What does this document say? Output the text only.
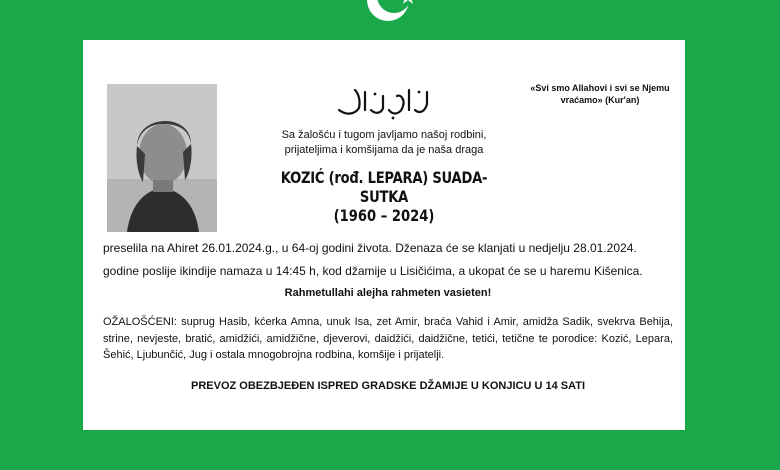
«Svi smo Allahovi i svi se Njemu vraćamo» (Kur'an)
Sa žalošću i tugom javljamo našoj rodbini,
prijateljima i komšijama da je naša draga
KOZIĆ (rođ. LEPARA) SUADA-SUTKA
(1960 – 2024)
preselila na Ahiret 26.01.2024.g., u 64-oj godini života. Dženaza će se klanjati u nedjelju 28.01.2024.
godine poslije ikindije namaza u 14:45 h, kod džamije u Lisičićima, a ukopat će se u haremu Kišenica.
Rahmetullahi alejha rahmeten vasieten!
OŽALOŠĆENI: suprug Hasib, kćerka Amna, unuk Isa, zet Amir, braća Vahid i Amir, amidža Sadik, svekrva Behija, strine, nevjeste, bratić, amidžići, amidžične, djeverovi, daidžići, daidžične, tetići, tetične te porodice: Kozić, Lepara, Šehić, Ljubunčić, Jug i ostala mnogobrojna rodbina, komšije i prijatelji.
PREVOZ OBEZBJEĐEN ISPRED GRADSKE DŽAMIJE U KONJICU U 14 SATI
